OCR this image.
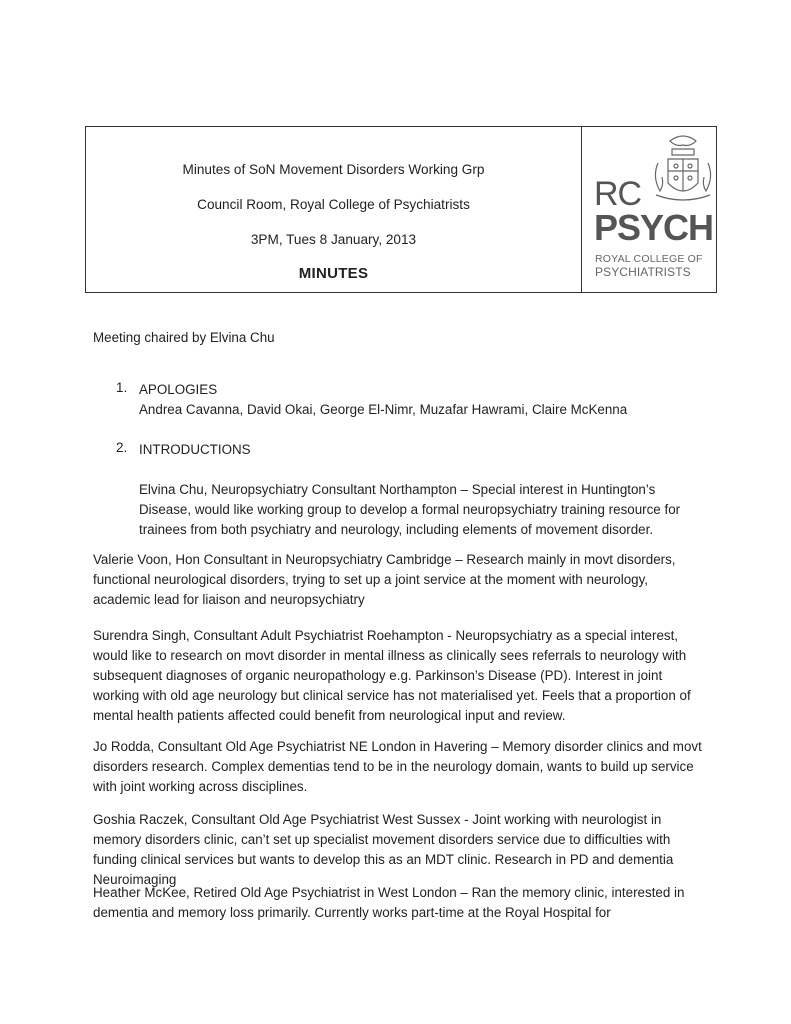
Minutes of SoN Movement Disorders Working Grp
Council Room, Royal College of Psychiatrists
3PM, Tues 8 January, 2013
MINUTES
RC
PSYCH
ROYAL COLLEGE OF
PSYCHIATRISTS
Meeting chaired by Elvina Chu
1. APOLOGIES
Andrea Cavanna, David Okai, George El-Nimr, Muzafar Hawrami, Claire McKenna
2. INTRODUCTIONS
Elvina Chu, Neuropsychiatry Consultant Northampton – Special interest in Huntington’s Disease, would like working group to develop a formal neuropsychiatry training resource for trainees from both psychiatry and neurology, including elements of movement disorder.
Valerie Voon, Hon Consultant in Neuropsychiatry Cambridge – Research mainly in movt disorders, functional neurological disorders, trying to set up a joint service at the moment with neurology, academic lead for liaison and neuropsychiatry
Surendra Singh, Consultant Adult Psychiatrist Roehampton - Neuropsychiatry as a special interest, would like to research on movt disorder in mental illness as clinically sees referrals to neurology with subsequent diagnoses of organic neuropathology e.g. Parkinson’s Disease (PD). Interest in joint working with old age neurology but clinical service has not materialised yet. Feels that a proportion of mental health patients affected could benefit from neurological input and review.
Jo Rodda, Consultant Old Age Psychiatrist NE London in Havering – Memory disorder clinics and movt disorders research. Complex dementias tend to be in the neurology domain, wants to build up service with joint working across disciplines.
Goshia Raczek, Consultant Old Age Psychiatrist West Sussex - Joint working with neurologist in memory disorders clinic, can’t set up specialist movement disorders service due to difficulties with funding clinical services but wants to develop this as an MDT clinic. Research in PD and dementia Neuroimaging
Heather McKee, Retired Old Age Psychiatrist in West London – Ran the memory clinic, interested in dementia and memory loss primarily. Currently works part-time at the Royal Hospital for
